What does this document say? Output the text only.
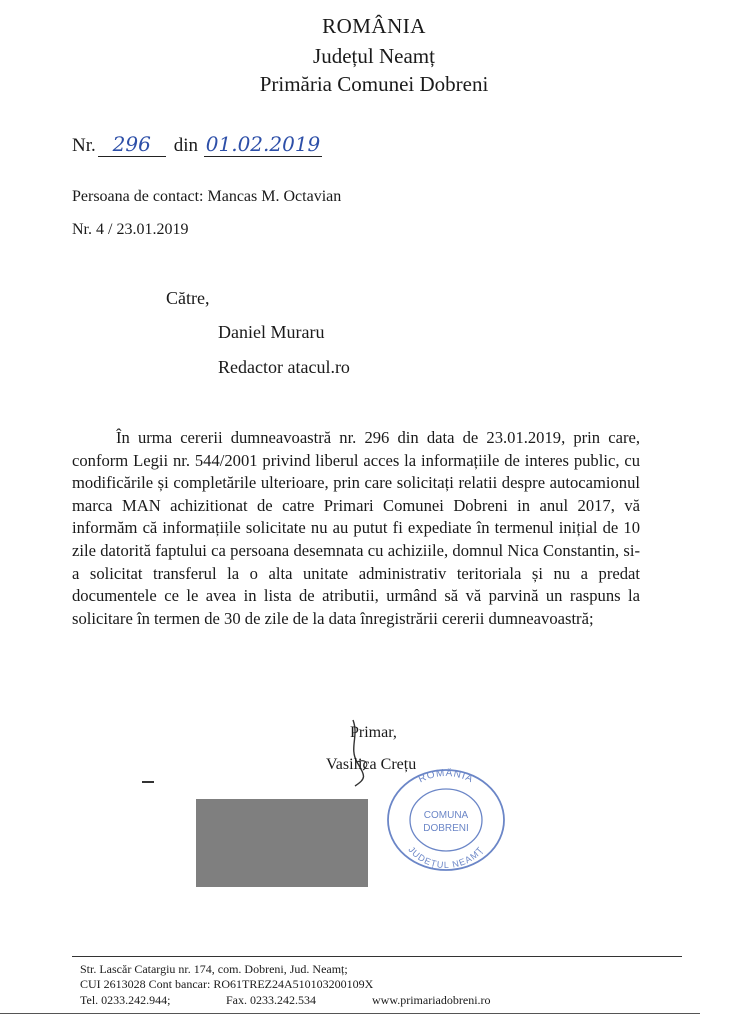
ROMÂNIA
Județul Neamț
Primăria Comunei Dobreni
Nr. 296	din 01.02.2019
Persoana de contact: Mancas M. Octavian
Nr. 4 / 23.01.2019
Către,
Daniel Muraru
Redactor atacul.ro

În urma cererii dumneavoastră nr. 296 din data de 23.01.2019, prin care, conform Legii nr. 544/2001 privind liberul acces la informațiile de interes public, cu modificările și completările ulterioare, prin care solicitați relatii despre autocamionul marca MAN achizitionat de catre Primari Comunei Dobreni in anul 2017, vă informăm că informațiile solicitate nu au putut fi expediate în termenul inițial de 10 zile datorită faptului ca persoana desemnata cu achiziile, domnul Nica Constantin, si-a solicitat transferul la o alta unitate administrativ teritoriala și nu a predat documentele ce le avea in lista de atributii, urmând să vă parvină un raspuns la solicitare în termen de 30 de zile de la data înregistrării cererii dumneavoastră;

Primar,
Vasilica Crețu
ROMÂNIA
JUDEȚUL NEAMȚ
COMUNA
DOBRENI
Str. Lascăr Catargiu nr. 174, com. Dobreni, Jud. Neamț;
CUI 2613028 Cont bancar: RO61TREZ24A510103200109X
Tel. 0233.242.944;	Fax. 0233.242.534	www.primariadobreni.ro
